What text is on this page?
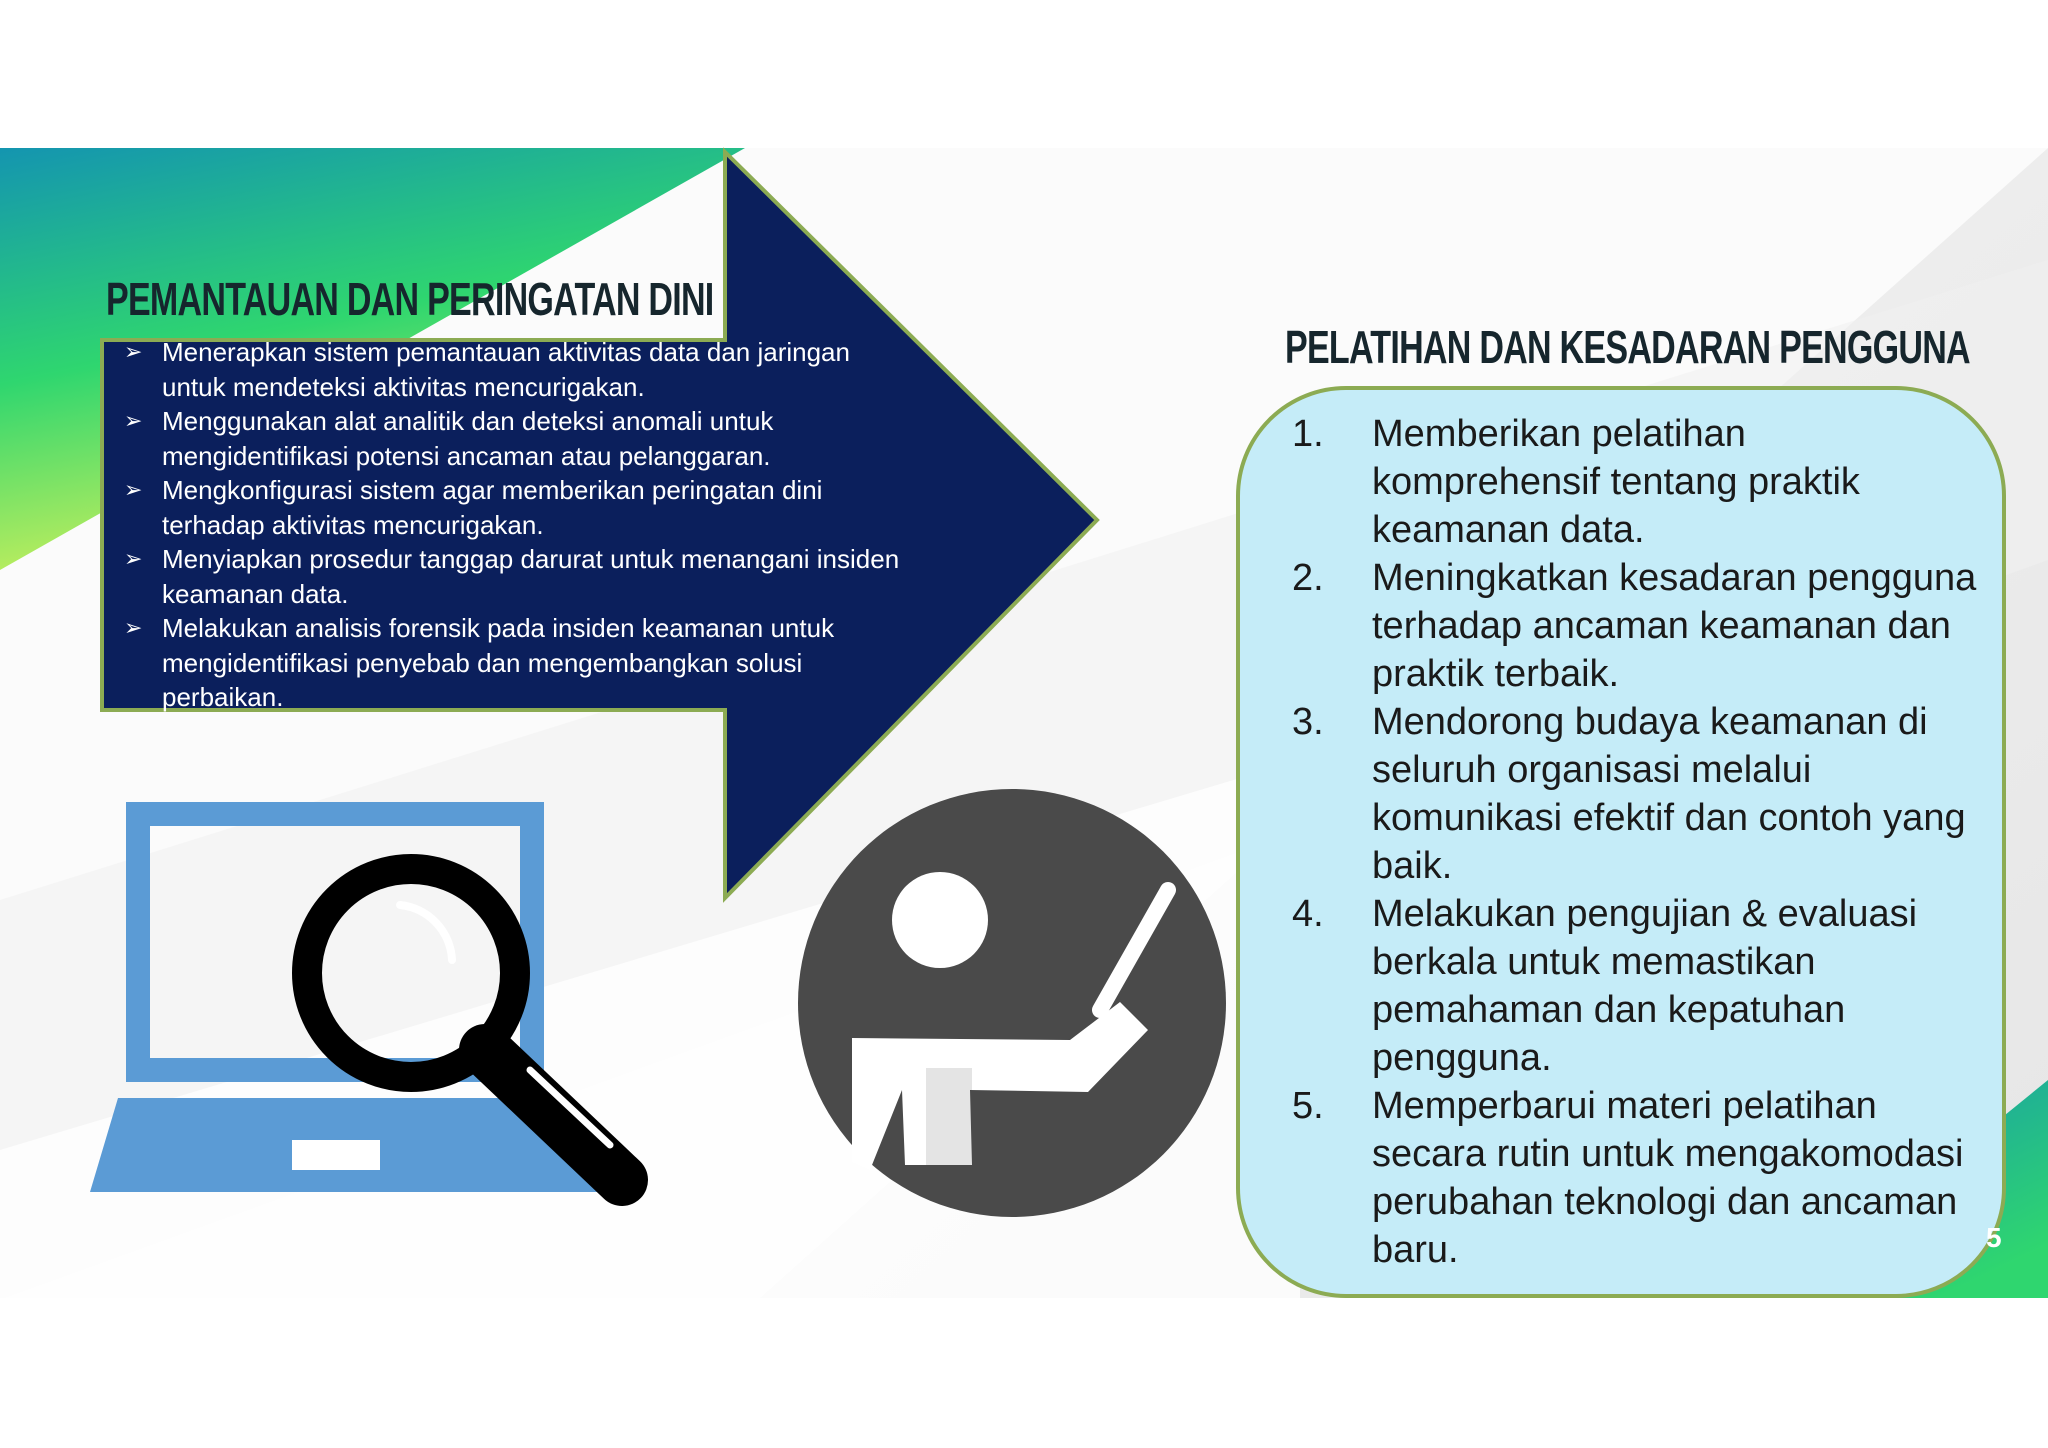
PEMANTAUAN DAN PERINGATAN DINI
➢ Menerapkan sistem pemantauan aktivitas data dan jaringan untuk mendeteksi aktivitas mencurigakan.
➢ Menggunakan alat analitik dan deteksi anomali untuk mengidentifikasi potensi ancaman atau pelanggaran.
➢ Mengkonfigurasi sistem agar memberikan peringatan dini terhadap aktivitas mencurigakan.
➢ Menyiapkan prosedur tanggap darurat untuk menangani insiden keamanan data.
➢ Melakukan analisis forensik pada insiden keamanan untuk mengidentifikasi penyebab dan mengembangkan solusi perbaikan.
PELATIHAN DAN KESADARAN PENGGUNA
1. Memberikan pelatihan komprehensif tentang praktik keamanan data.
2. Meningkatkan kesadaran pengguna terhadap ancaman keamanan dan praktik terbaik.
3. Mendorong budaya keamanan di seluruh organisasi melalui komunikasi efektif dan contoh yang baik.
4. Melakukan pengujian & evaluasi berkala untuk memastikan pemahaman dan kepatuhan pengguna.
5. Memperbarui materi pelatihan secara rutin untuk mengakomodasi perubahan teknologi dan ancaman baru.	5
